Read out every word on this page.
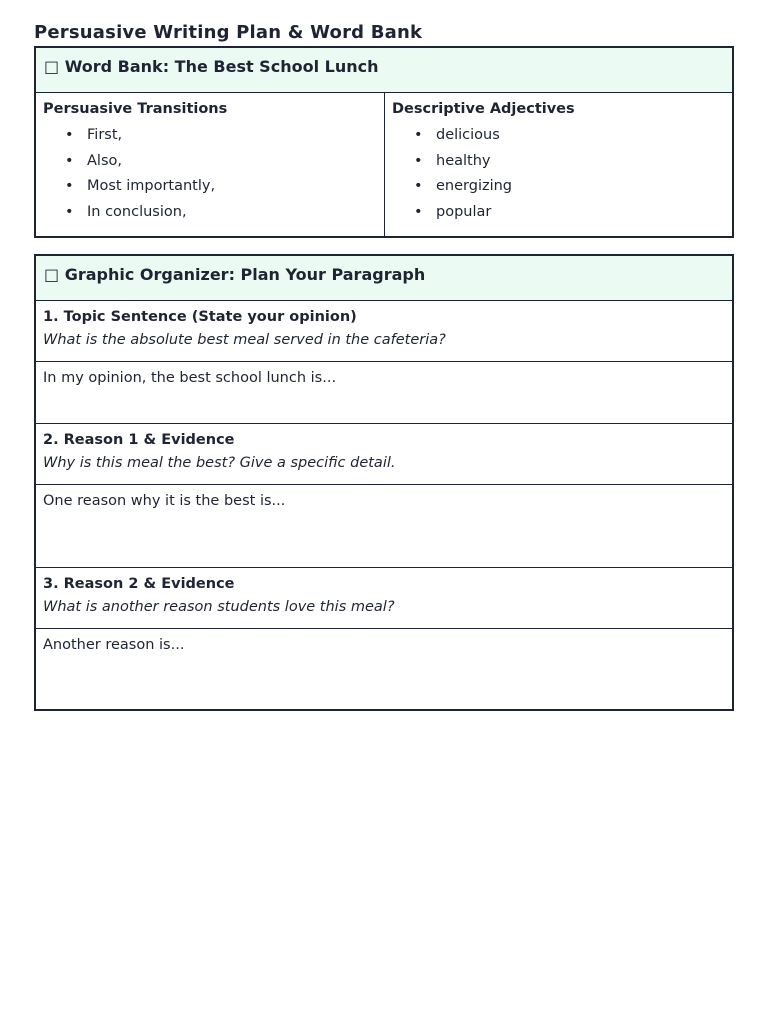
Persuasive Writing Plan & Word Bank
□ Word Bank: The Best School Lunch
Persuasive Transitions
• First,
• Also,
• Most importantly,
• In conclusion,
Descriptive Adjectives
• delicious
• healthy
• energizing
• popular
□ Graphic Organizer: Plan Your Paragraph
1. Topic Sentence (State your opinion)
What is the absolute best meal served in the cafeteria?
In my opinion, the best school lunch is...
2. Reason 1 & Evidence
Why is this meal the best? Give a specific detail.
One reason why it is the best is...
3. Reason 2 & Evidence
What is another reason students love this meal?
Another reason is...
